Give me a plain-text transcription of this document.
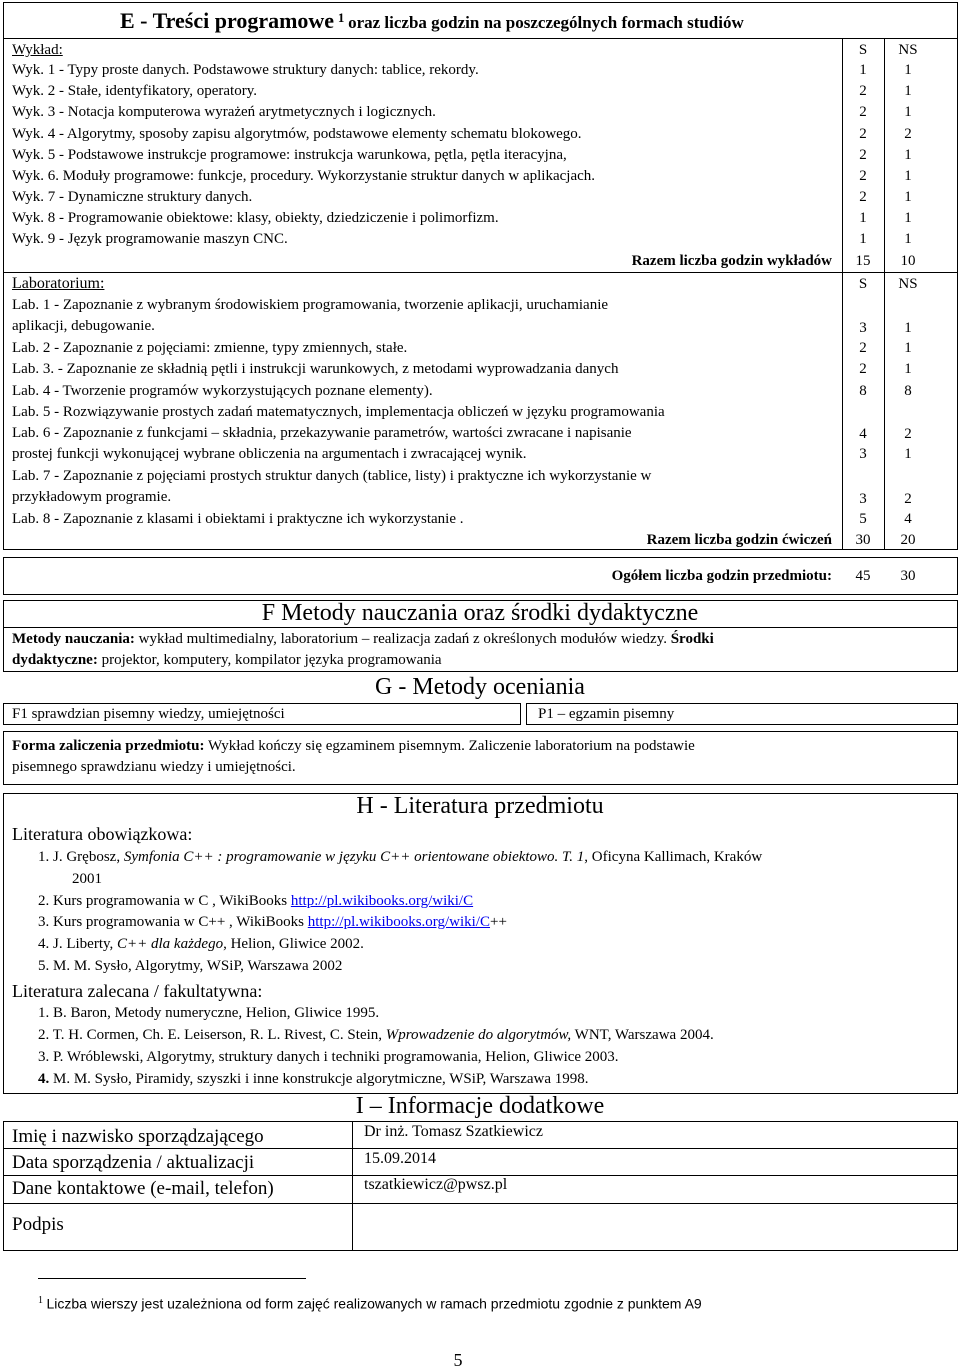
E - Treści programowe 1 oraz liczba godzin na poszczególnych formach studiów
Wykład:	S	NS
Wyk. 1 - Typy proste danych. Podstawowe struktury danych: tablice, rekordy.	1	1
Wyk. 2 - Stałe, identyfikatory, operatory.	2	1
Wyk. 3 - Notacja komputerowa wyrażeń arytmetycznych i logicznych.	2	1
Wyk. 4 - Algorytmy, sposoby zapisu algorytmów, podstawowe elementy schematu blokowego.	2	2
Wyk. 5 - Podstawowe instrukcje programowe: instrukcja warunkowa, pętla, pętla iteracyjna,	2	1
Wyk. 6. Moduły programowe: funkcje, procedury. Wykorzystanie struktur danych w aplikacjach.	2	1
Wyk. 7 - Dynamiczne struktury danych.	2	1
Wyk. 8 - Programowanie obiektowe: klasy, obiekty, dziedziczenie i polimorfizm.	1	1
Wyk. 9 - Język programowanie maszyn CNC.	1	1
Razem liczba godzin wykładów	15	10
Laboratorium:	S	NS
Lab. 1 - Zapoznanie z wybranym środowiskiem programowania, tworzenie aplikacji, uruchamianie
aplikacji, debugowanie.	3	1
Lab. 2 - Zapoznanie z pojęciami: zmienne, typy zmiennych, stałe.	2	1
Lab. 3. - Zapoznanie ze składnią pętli i instrukcji warunkowych, z metodami wyprowadzania danych	2	1
Lab. 4 - Tworzenie programów wykorzystujących poznane elementy).	8	8
Lab. 5 - Rozwiązywanie prostych zadań matematycznych, implementacja obliczeń w języku programowania
Lab. 6 - Zapoznanie z funkcjami – składnia, przekazywanie parametrów, wartości zwracane i napisanie	4	2
prostej funkcji wykonującej wybrane obliczenia na argumentach i zwracającej wynik.	3	1
Lab. 7 - Zapoznanie z pojęciami prostych struktur danych (tablice, listy) i praktyczne ich wykorzystanie w
przykładowym programie.	3	2
Lab. 8 - Zapoznanie z klasami i obiektami i praktyczne ich wykorzystanie .	5	4
Razem liczba godzin ćwiczeń	30	20
Ogółem liczba godzin przedmiotu:	45	30
F Metody nauczania oraz środki dydaktyczne
Metody nauczania: wykład multimedialny, laboratorium – realizacja zadań z określonych modułów wiedzy. Środki
dydaktyczne: projektor, komputery, kompilator języka programowania
G - Metody oceniania
F1 sprawdzian pisemny wiedzy, umiejętności	P1 – egzamin pisemny
Forma zaliczenia przedmiotu: Wykład kończy się egzaminem pisemnym. Zaliczenie laboratorium na podstawie
pisemnego sprawdzianu wiedzy i umiejętności.
H - Literatura przedmiotu
Literatura obowiązkowa:
1. J. Grębosz, Symfonia C++ : programowanie w języku C++ orientowane obiektowo. T. 1, Oficyna Kallimach, Kraków
2001
2. Kurs programowania w C , WikiBooks http://pl.wikibooks.org/wiki/C
3. Kurs programowania w C++ , WikiBooks http://pl.wikibooks.org/wiki/C++
4. J. Liberty, C++ dla każdego, Helion, Gliwice 2002.
5. M. M. Sysło, Algorytmy, WSiP, Warszawa 2002
Literatura zalecana / fakultatywna:
1. B. Baron, Metody numeryczne, Helion, Gliwice 1995.
2. T. H. Cormen, Ch. E. Leiserson, R. L. Rivest, C. Stein, Wprowadzenie do algorytmów, WNT, Warszawa 2004.
3. P. Wróblewski, Algorytmy, struktury danych i techniki programowania, Helion, Gliwice 2003.
4. M. M. Sysło, Piramidy, szyszki i inne konstrukcje algorytmiczne, WSiP, Warszawa 1998.
I – Informacje dodatkowe
Imię i nazwisko sporządzającego	Dr inż. Tomasz Szatkiewicz
Data sporządzenia / aktualizacji	15.09.2014
Dane kontaktowe (e-mail, telefon)	tszatkiewicz@pwsz.pl
Podpis
$^1$ Liczba wierszy jest uzależniona od form zajęć realizowanych w ramach przedmiotu zgodnie z punktem A9
5
